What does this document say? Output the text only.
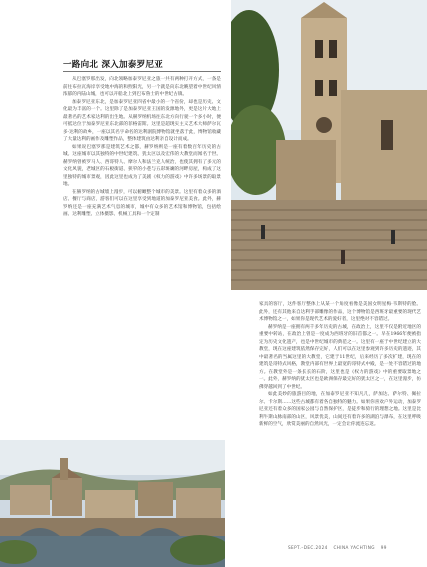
一路向北 深入加泰罗尼亚

从巴塞罗那出发，向北领略加泰罗尼亚之旅一共有两种打开方式，一条是前往布拉瓦海岸享受地中海的和煦阳光，另一个就是向东北眺望着中世纪风情浓郁的内陆山城，也可以开船北上到巴布鲁士的中世纪古镇。

加泰罗尼亚东北，是加泰罗尼亚四省中最小的一个省份，却也是历史、文化最为丰富的一个。这里除了是加泰罗尼亚王国的发源地外，更是这片大地上最著名的艺术家达利的出生地。从赫罗纳机场往东北方向行驶一个多小时，便可抵达位于加泰罗尼亚东北部的菲格雷斯。这里是超现实主义艺术大师萨尔瓦多·达利的故乡，一座以其名字命名的达利剧院博物馆就坐落于此，博物馆收藏了大量达利的画作及雕塑作品，整体建筑由达利亲自设计而成。

如果说巴塞罗那是建筑艺术之都，赫罗纳则是一座有着数百年历史的古城。这座城市以其独特的中世纪建筑、犹太区以及宏伟的大教堂而闻名于世。赫罗纳曾被罗马人、西哥特人、摩尔人和法兰克人统治，也使其拥有了多元的文化风貌，老城区的石板街道、狭窄的小巷与五彩斑斓的河畔房屋，构成了这里独特的城市景观，因此这里也成为了美剧《权力的游戏》中许多场景的取景地。

在赫罗纳的古城墙上漫步，可以俯瞰整个城市的美景。这里有着众多的酒店、餐厅与商店，游客们可以在这里享受到地道的加泰罗尼亚美食。此外，赫罗纳还是一座充满艺术气息的城市，城中有众多的艺术馆和博物馆，包括绘画、达利雕塑、立体摄影、机械工具和一个定制

家具的客厅，这件客厅整体上从某一个角度看像是美国女明星梅·韦斯特的脸。此外，还有其他来自达利手部雕像的作品，这个博物馆是西班牙最重要的现代艺术博物馆之一，如果你是现代艺术的爱好者，这里绝对不容错过。

赫罗纳是一座拥有两千多年历史的古城，在政治上，这里不仅是附近地区的重要中转站，在政治上曾是一度成为西班牙的旧首都之一。早在1966年便被指定为历史文化遗产，也是中世纪城市的典范之一。这里有一座于中世纪建立的大教堂，现在这座建筑依然保存完好，人们可以在这里参观到许多历史的遗迹，其中最著名的当属这里的大教堂，它建于11世纪，后来经历了多次扩建，现在的建筑是哥特式风格，教堂内部有世界上最宽的哥特式中殿，是一处不容错过的地方。在教堂外是一条长长的石阶，这里也是《权力的游戏》中的重要取景地之一。此外，赫罗纳的犹太区也是欧洲保存最完好的犹太区之一，在这里漫步，仿佛穿越回到了中世纪。

如此美妙的旅游目的地，在加泰罗尼亚不知凡几，萨加达、萨尔特、佩拉尔、卡尔斯……这些古城都有着各自独特的魅力。如果你喜欢户外运动，加泰罗尼亚还有着众多的国家公园与自然保护区，是徒步和骑行的理想之地。这里是比利牛斯山脉南部的山区，风景优美，山间还有着许多的湖泊与瀑布，在这里呼吸新鲜的空气，欣赏美丽的自然风光，一定会让你流连忘返。

SEPT.–DEC.2024 CHINA YACHTING 99
